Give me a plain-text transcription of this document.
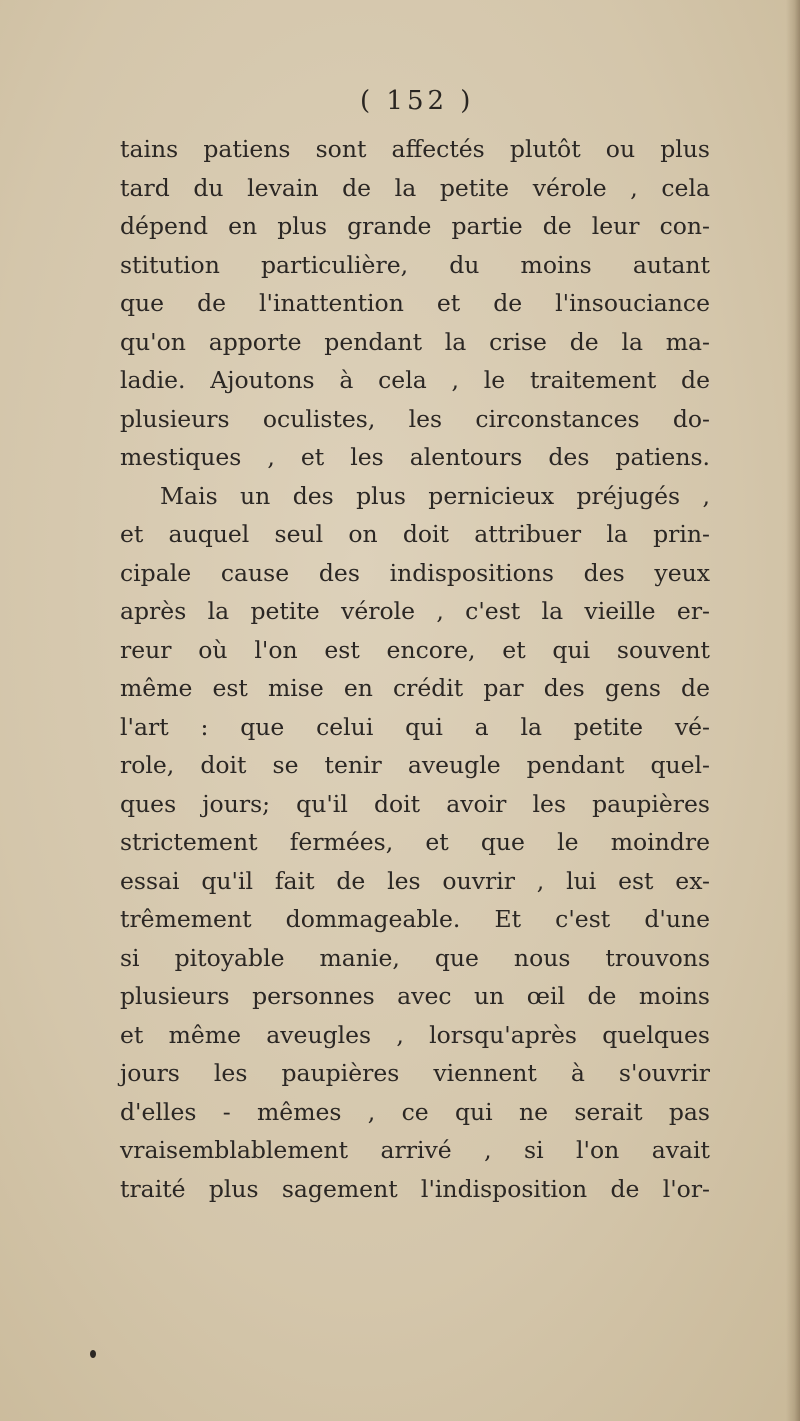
( 152 )
tains patiens sont affectés plutôt ou plus
tard du levain de la petite vérole , cela
dépend en plus grande partie de leur con-
stitution particulière, du moins autant
que de l'inattention et de l'insouciance
qu'on apporte pendant la crise de la ma-
ladie. Ajoutons à cela , le traitement de
plusieurs oculistes, les circonstances do-
mestiques , et les alentours des patiens.
Mais un des plus pernicieux préjugés ,
et auquel seul on doit attribuer la prin-
cipale cause des indispositions des yeux
après la petite vérole , c'est la vieille er-
reur où l'on est encore, et qui souvent
même est mise en crédit par des gens de
l'art : que celui qui a la petite vé-
role, doit se tenir aveugle pendant quel-
ques jours; qu'il doit avoir les paupières
strictement fermées, et que le moindre
essai qu'il fait de les ouvrir , lui est ex-
trêmement dommageable. Et c'est d'une
si pitoyable manie, que nous trouvons
plusieurs personnes avec un œil de moins
et même aveugles , lorsqu'après quelques
jours les paupières viennent à s'ouvrir
d'elles - mêmes , ce qui ne serait pas
vraisemblablement arrivé , si l'on avait
traité plus sagement l'indisposition de l'or-
